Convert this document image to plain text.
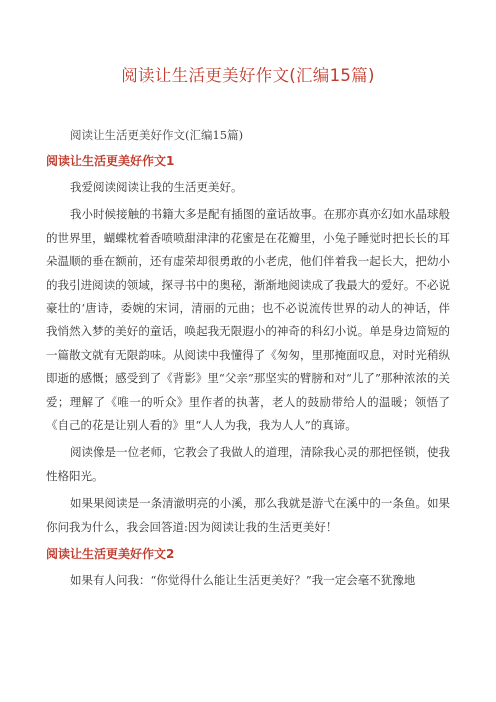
阅读让生活更美好作文(汇编15篇)

阅读让生活更美好作文(汇编15篇)

阅读让生活更美好作文1

我爱阅读阅读让我的生活更美好。

我小时候接触的书籍大多是配有插图的童话故事。在那亦真亦幻如水晶球般的世界里，蝴蝶枕着香喷喷甜津津的花蜜是在花瓣里，小兔子睡觉时把长长的耳朵温顺的垂在额前，还有虚荣却很勇敢的小老虎，他们伴着我一起长大，把幼小的我引进阅读的领域，探寻书中的奥秘，渐渐地阅读成了我最大的爱好。不必说豪壮的‘唐诗，委婉的宋词，清丽的元曲；也不必说流传世界的动人的神话，伴我悄然入梦的美好的童话，唤起我无限遐小的神奇的科幻小说。单是身边简短的一篇散文就有无限韵味。从阅读中我懂得了《匆匆，里那掩面叹息，对时光稍纵即逝的感慨；感受到了《背影》里“父亲”那坚实的臂膀和对“儿了”那种浓浓的关爱；理解了《唯一的听众》里作者的执著，老人的鼓励带给人的温暖；领悟了《自己的花是让别人看的》里“人人为我，我为人人”的真谛。

阅读像是一位老师，它教会了我做人的道理，清除我心灵的那把怪锁，使我性格阳光。

如果果阅读是一条清澈明亮的小溪，那么我就是游弋在溪中的一条鱼。如果你问我为什么，我会回答道:因为阅读让我的生活更美好！

阅读让生活更美好作文2

如果有人问我：“你觉得什么能让生活更美好？”我一定会毫不犹豫地
